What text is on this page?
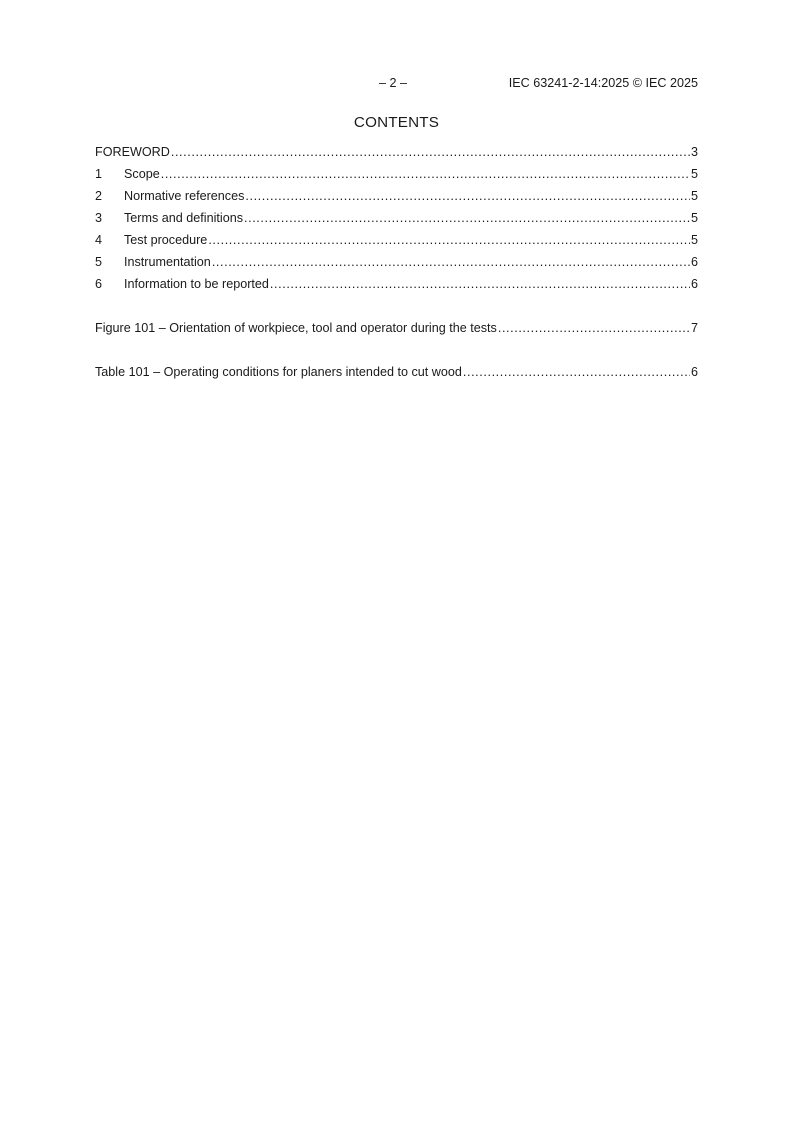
– 2 –	IEC 63241-2-14:2025 © IEC 2025
CONTENTS
FOREWORD .....	3
1	Scope .....	5
2	Normative references .....	5
3	Terms and definitions .....	5
4	Test procedure .....	5
5	Instrumentation .....	6
6	Information to be reported .....	6
Figure 101 – Orientation of workpiece, tool and operator during the tests .....	7
Table 101 – Operating conditions for planers intended to cut wood .....	6
